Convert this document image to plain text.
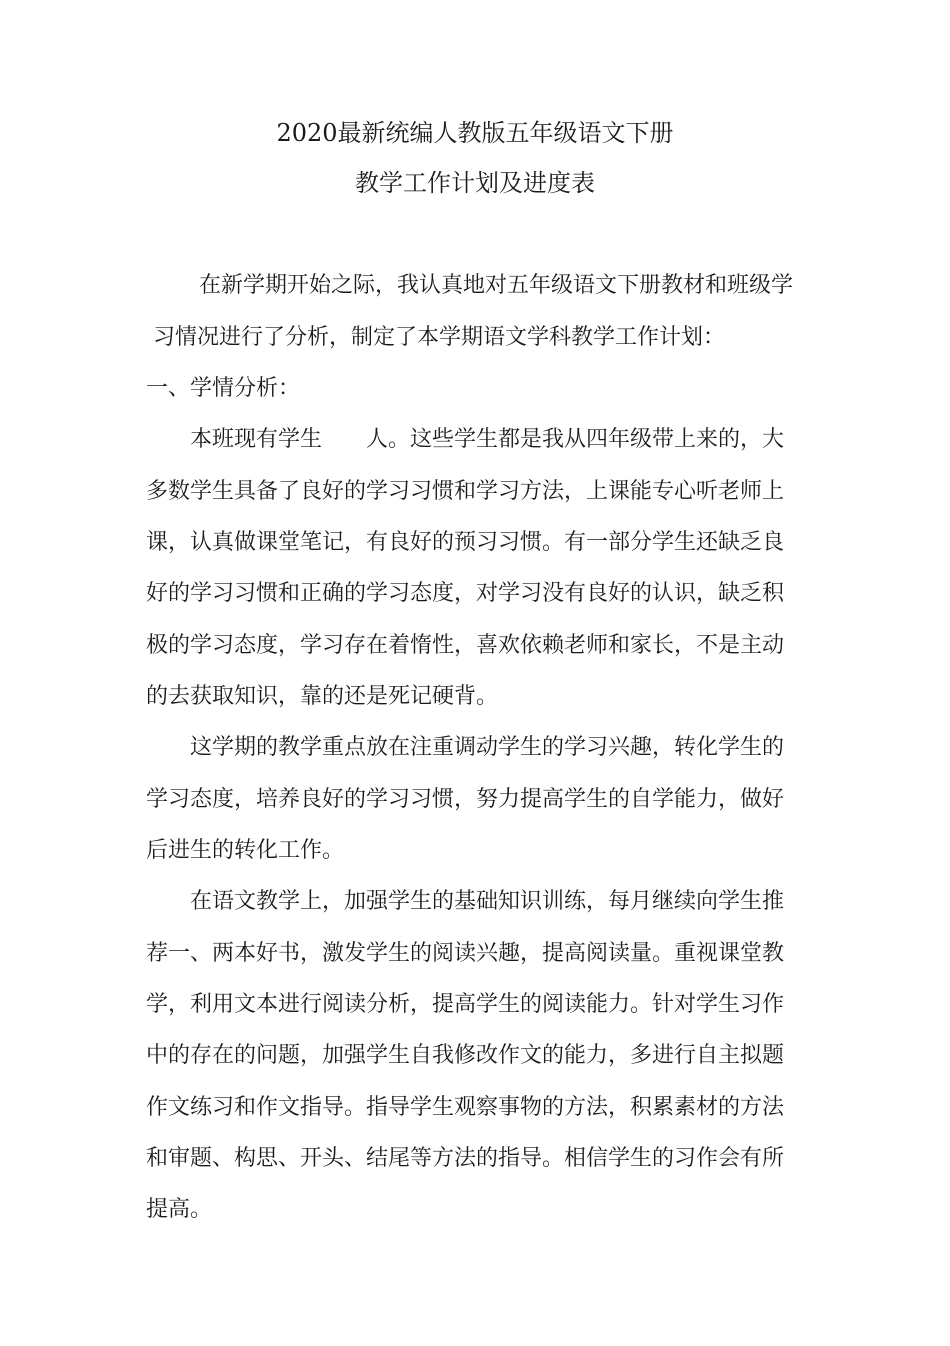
2020最新统编人教版五年级语文下册
教学工作计划及进度表
在新学期开始之际，我认真地对五年级语文下册教材和班级学
习情况进行了分析，制定了本学期语文学科教学工作计划：
一、学情分析：
本班现有学生　　人。这些学生都是我从四年级带上来的，大
多数学生具备了良好的学习习惯和学习方法，上课能专心听老师上
课，认真做课堂笔记，有良好的预习习惯。有一部分学生还缺乏良
好的学习习惯和正确的学习态度，对学习没有良好的认识，缺乏积
极的学习态度，学习存在着惰性，喜欢依赖老师和家长，不是主动
的去获取知识，靠的还是死记硬背。
这学期的教学重点放在注重调动学生的学习兴趣，转化学生的
学习态度，培养良好的学习习惯，努力提高学生的自学能力，做好
后进生的转化工作。
在语文教学上，加强学生的基础知识训练，每月继续向学生推
荐一、两本好书，激发学生的阅读兴趣，提高阅读量。重视课堂教
学，利用文本进行阅读分析，提高学生的阅读能力。针对学生习作
中的存在的问题，加强学生自我修改作文的能力，多进行自主拟题
作文练习和作文指导。指导学生观察事物的方法，积累素材的方法
和审题、构思、开头、结尾等方法的指导。相信学生的习作会有所
提高。
